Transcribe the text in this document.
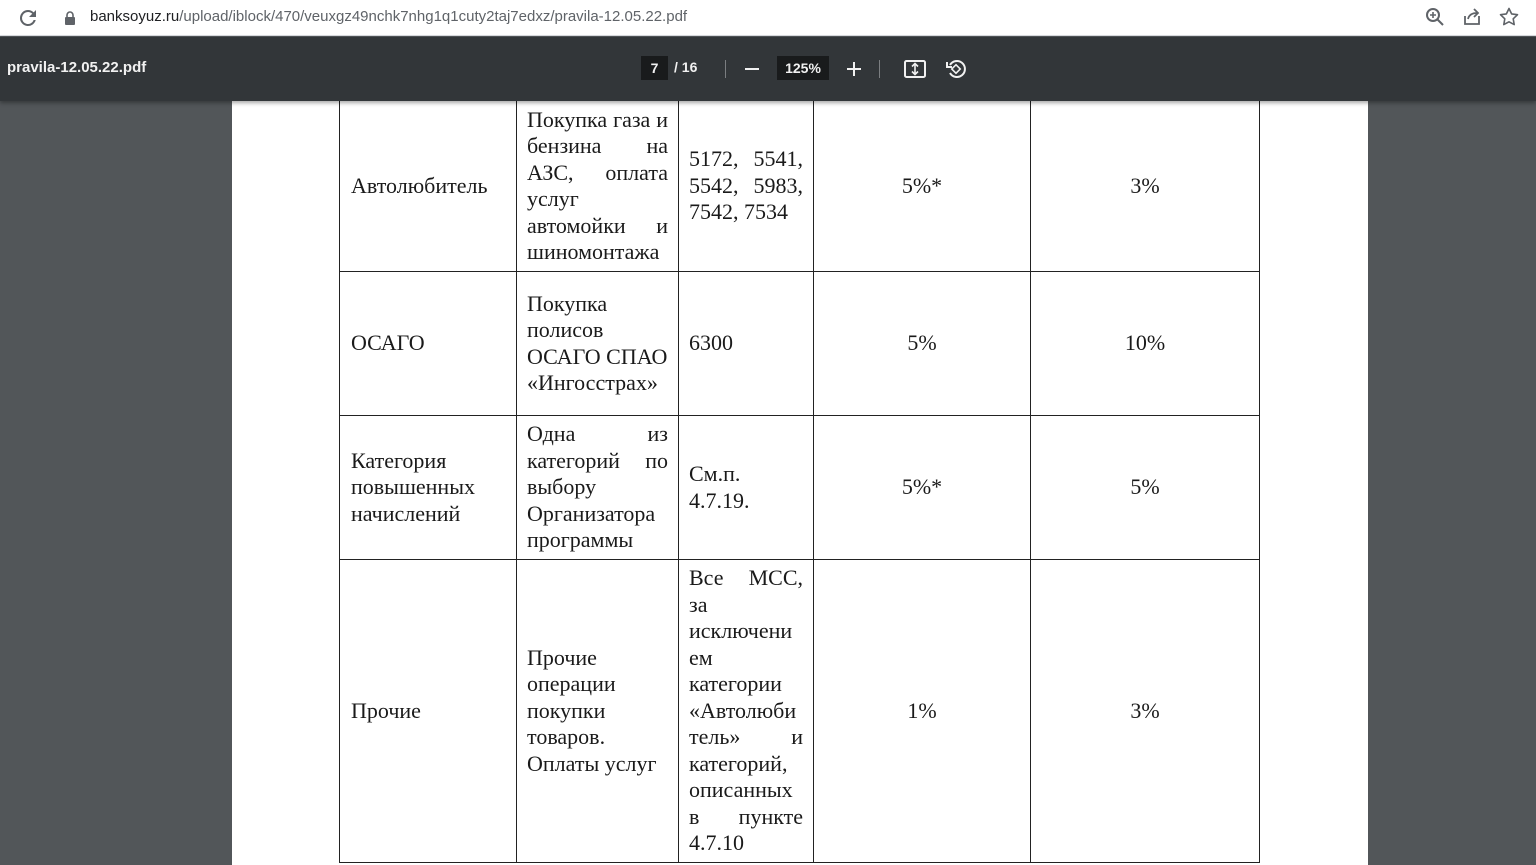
banksoyuz.ru/upload/iblock/470/veuxgz49nchk7nhg1q1cuty2taj7edxz/pravila-12.05.22.pdf
pravila-12.05.22.pdf	7	/ 16	125%
Автолюбитель	Покупка газа и бензина на АЗС, оплата услуг автомойки и шиномонтажа	5172, 5541, 5542, 5983, 7542, 7534	5%*	3%
ОСАГО	Покупка полисов ОСАГО СПАО «Ингосстрах»	6300	5%	10%
Категория повышенных начислений	Одна из категорий по выбору Организатора программы	См.п. 4.7.19.	5%*	5%
Прочие	Прочие операции покупки товаров. Оплаты услуг	Все МСС, за исключени ем категории «Автолюби тель» и категорий, описанных в пункте 4.7.10	1%	3%
